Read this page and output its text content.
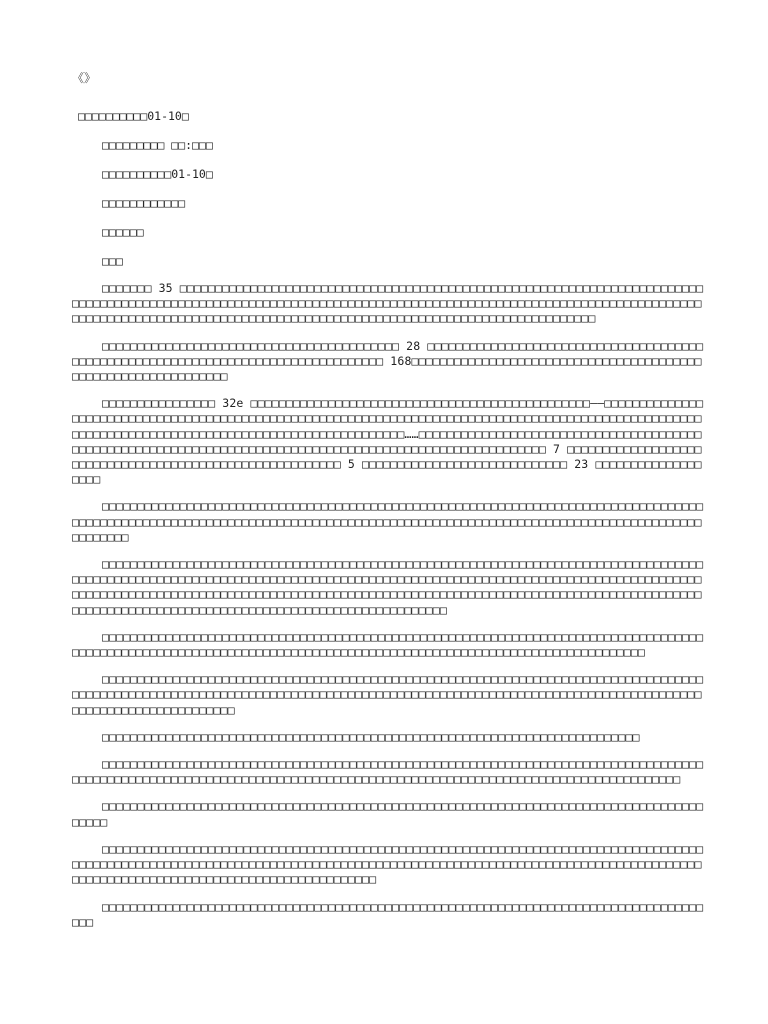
《》

□□□□□□□□□□01-10□
□□□□□□□□□ □□:□□□
□□□□□□□□□□01-10□
□□□□□□□□□□□□
□□□□□□
□□□

□□□□□□□ 35 □□□□□□□□□□□□□□□□□□□□□□□□□□□□□□□□□□□□□□□□□□□□□□□□□□□□□□□□□□□□□□□□□□□□□□□□□□□□□□□□□□□□□□□□□□□□□□□□□□□□□□□□□□□□□□□□□□□□□□□□□□□□□□□□□□□□□□□□□□□□□□□□□□□□□□□□□□□□□□□□□□□□□□□□□□□□□□□□□□□□□□□□□□□□□□□□□□□□□□□□□□□□□□□□□□□□□□□□□□□□□□□□□□□□□□□□□□□□□

□□□□□□□□□□□□□□□□□□□□□□□□□□□□□□□□□□□□□□□□□□ 28 □□□□□□□□□□□□□□□□□□□□□□□□□□□□□□□□□□□□□□□□□□□□□□□□□□□□□□□□□□□□□□□□□□□□□□□□□□□□□□□□□□□ 168□□□□□□□□□□□□□□□□□□□□□□□□□□□□□□□□□□□□□□□□□□□□□□□□□□□□□□□□□□□□□□□

□□□□□□□□□□□□□□□□ 32e □□□□□□□□□□□□□□□□□□□□□□□□□□□□□□□□□□□□□□□□□□□□□□□□——□□□□□□□□□□□□□□□□□□□□□□□□□□□□□□□□□□□□□□□□□□□□□□□□□□□□□□□□□□□□□□□□□□□□□□□□□□□□□□□□□□□□□□□□□□□□□□□□□□□□□□□□□□□□□□□□□□□□□□□□□□□□□□□□□□□□□□□□□□□□□□□□□□□□□□……□□□□□□□□□□□□□□□□□□□□□□□□□□□□□□□□□□□□□□□□□□□□□□□□□□□□□□□□□□□□□□□□□□□□□□□□□□□□□□□□□□□□□□□□□□□□□□□□□□□□□□□□□□□ 7 □□□□□□□□□□□□□□□□□□□□□□□□□□□□□□□□□□□□□□□□□□□□□□□□□□□□□□□□□ 5 □□□□□□□□□□□□□□□□□□□□□□□□□□□□□ 23 □□□□□□□□□□□□□□□□□□□

□□□□□□□□□□□□□□□□□□□□□□□□□□□□□□□□□□□□□□□□□□□□□□□□□□□□□□□□□□□□□□□□□□□□□□□□□□□□□□□□□□□□□□□□□□□□□□□□□□□□□□□□□□□□□□□□□□□□□□□□□□□□□□□□□□□□□□□□□□□□□□□□□□□□□□□□□□□□□□□□□□□□□□□□□□□□□□□□□□□□□□

□□□□□□□□□□□□□□□□□□□□□□□□□□□□□□□□□□□□□□□□□□□□□□□□□□□□□□□□□□□□□□□□□□□□□□□□□□□□□□□□□□□□□□□□□□□□□□□□□□□□□□□□□□□□□□□□□□□□□□□□□□□□□□□□□□□□□□□□□□□□□□□□□□□□□□□□□□□□□□□□□□□□□□□□□□□□□□□□□□□□□□□□□□□□□□□□□□□□□□□□□□□□□□□□□□□□□□□□□□□□□□□□□□□□□□□□□□□□□□□□□□□□□□□□□□□□□□□□□□□□□□□□□□□□□□□□□□□□□□□□□□□□□□□□□□□□□□□□□□□□□□□□□□□□□□□□□□□□

□□□□□□□□□□□□□□□□□□□□□□□□□□□□□□□□□□□□□□□□□□□□□□□□□□□□□□□□□□□□□□□□□□□□□□□□□□□□□□□□□□□□□□□□□□□□□□□□□□□□□□□□□□□□□□□□□□□□□□□□□□□□□□□□□□□□□□□□□□□□□□□□□□□□□□□□□□□□□□□□□□□□□□

□□□□□□□□□□□□□□□□□□□□□□□□□□□□□□□□□□□□□□□□□□□□□□□□□□□□□□□□□□□□□□□□□□□□□□□□□□□□□□□□□□□□□□□□□□□□□□□□□□□□□□□□□□□□□□□□□□□□□□□□□□□□□□□□□□□□□□□□□□□□□□□□□□□□□□□□□□□□□□□□□□□□□□□□□□□□□□□□□□□□□□□□□□□□□□□□□□□□□

□□□□□□□□□□□□□□□□□□□□□□□□□□□□□□□□□□□□□□□□□□□□□□□□□□□□□□□□□□□□□□□□□□□□□□□□□□□□

□□□□□□□□□□□□□□□□□□□□□□□□□□□□□□□□□□□□□□□□□□□□□□□□□□□□□□□□□□□□□□□□□□□□□□□□□□□□□□□□□□□□□□□□□□□□□□□□□□□□□□□□□□□□□□□□□□□□□□□□□□□□□□□□□□□□□□□□□□□□□□□□□□□□□□□□□□□□□□□□□□□□□□□□□□□

□□□□□□□□□□□□□□□□□□□□□□□□□□□□□□□□□□□□□□□□□□□□□□□□□□□□□□□□□□□□□□□□□□□□□□□□□□□□□□□□□□□□□□□□□□

□□□□□□□□□□□□□□□□□□□□□□□□□□□□□□□□□□□□□□□□□□□□□□□□□□□□□□□□□□□□□□□□□□□□□□□□□□□□□□□□□□□□□□□□□□□□□□□□□□□□□□□□□□□□□□□□□□□□□□□□□□□□□□□□□□□□□□□□□□□□□□□□□□□□□□□□□□□□□□□□□□□□□□□□□□□□□□□□□□□□□□□□□□□□□□□□□□□□□□□□□□□□□□□□□□□□□□□□□

□□□□□□□□□□□□□□□□□□□□□□□□□□□□□□□□□□□□□□□□□□□□□□□□□□□□□□□□□□□□□□□□□□□□□□□□□□□□□□□□□□□□□□□□
